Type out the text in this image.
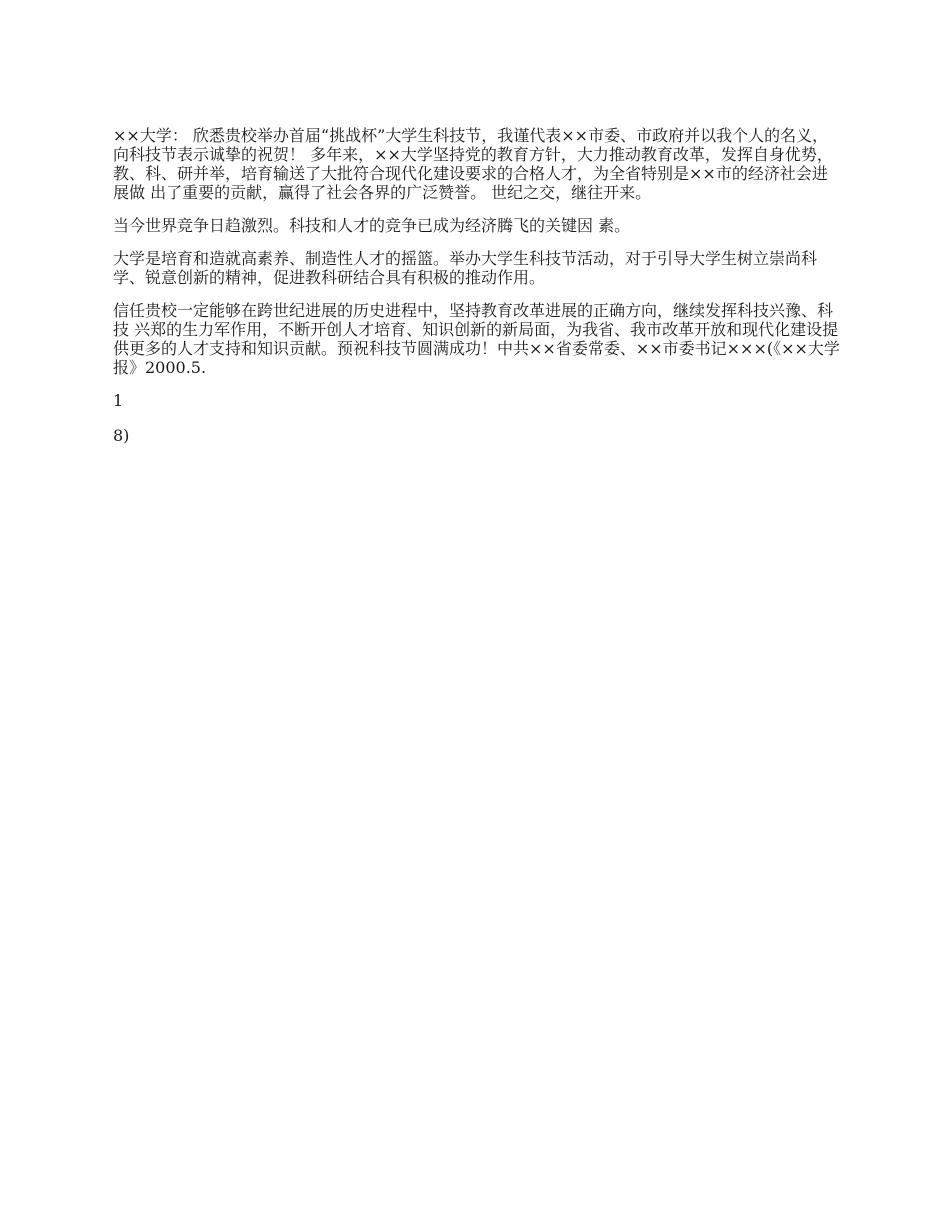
××大学： 欣悉贵校举办首届“挑战杯”大学生科技节，我谨代表××市委、市政府并以我个人的名义，向科技节表示诚挚的祝贺！ 多年来，××大学坚持党的教育方针，大力推动教育改革，发挥自身优势，教、科、研并举，培育输送了大批符合现代化建设要求的合格人才，为全省特别是××市的经济社会进展做 出了重要的贡献，赢得了社会各界的广泛赞誉。 世纪之交，继往开来。

当今世界竞争日趋激烈。科技和人才的竞争已成为经济腾飞的关键因 素。

大学是培育和造就高素养、制造性人才的摇篮。举办大学生科技节活动，对于引导大学生树立崇尚科学、锐意创新的精神，促进教科研结合具有积极的推动作用。

信任贵校一定能够在跨世纪进展的历史进程中，坚持教育改革进展的正确方向，继续发挥科技兴豫、科技 兴郑的生力军作用，不断开创人才培育、知识创新的新局面，为我省、我市改革开放和现代化建设提供更多的人才支持和知识贡献。预祝科技节圆满成功！中共××省委常委、××市委书记×××(《××大学报》2000.5.

1

8)
